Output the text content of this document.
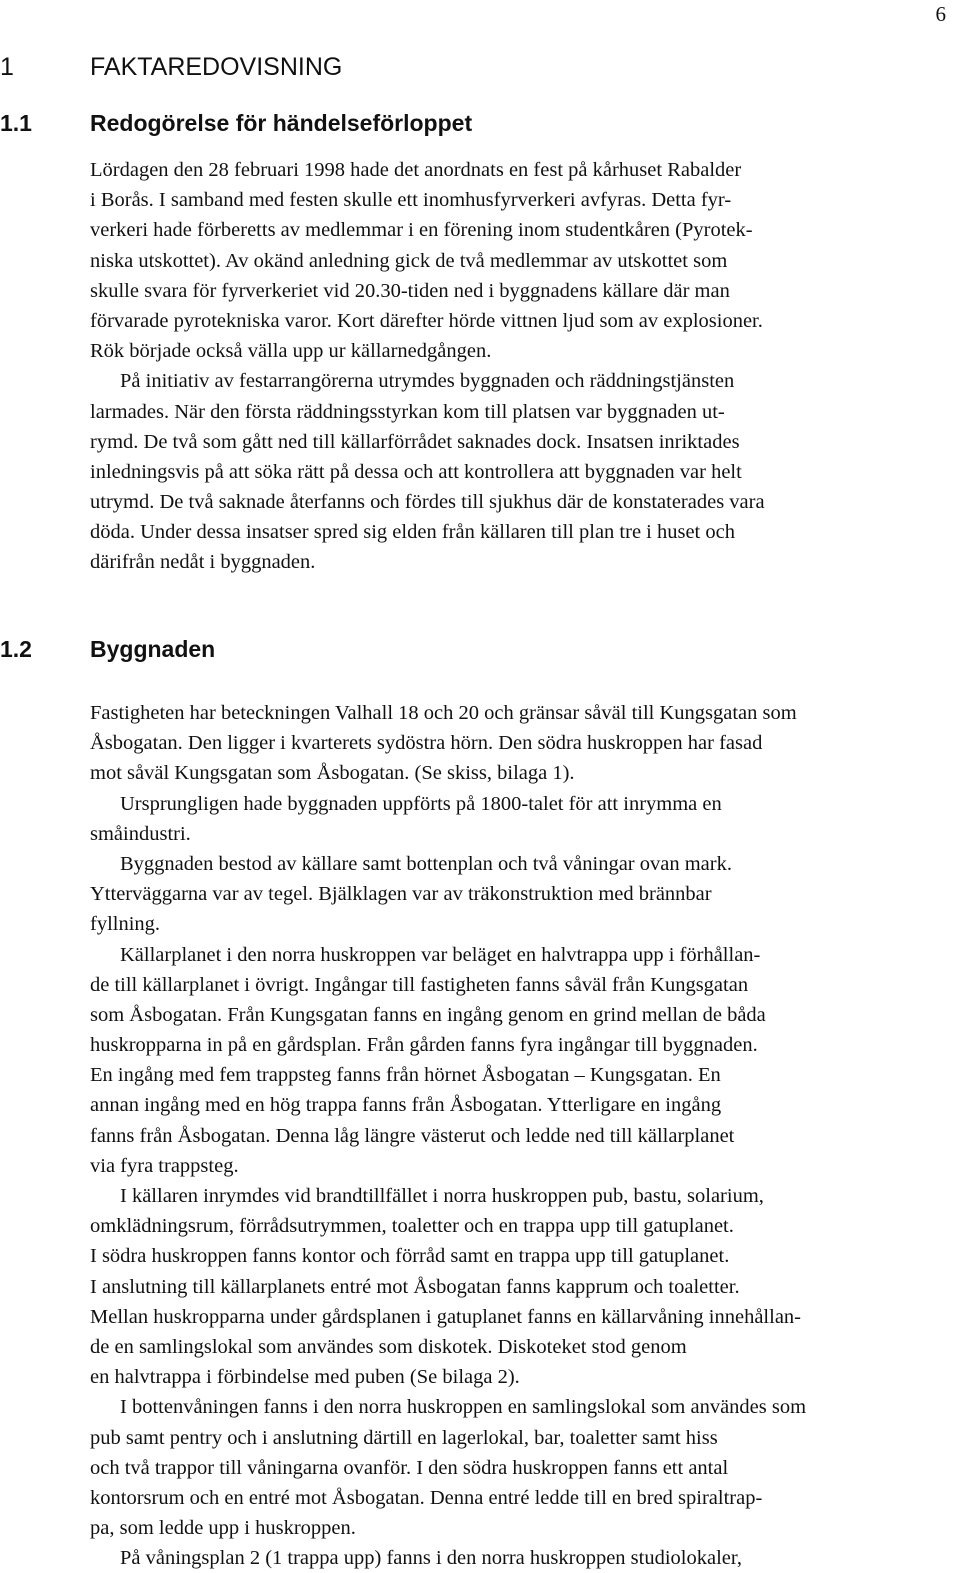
6
1	FAKTAREDOVISNING
1.1	Redogörelse för händelseförloppet
Lördagen den 28 februari 1998 hade det anordnats en fest på kårhuset Rabalder
i Borås. I samband med festen skulle ett inomhusfyrverkeri avfyras. Detta fyr-
verkeri hade förberetts av medlemmar i en förening inom studentkåren (Pyrotek-
niska utskottet). Av okänd anledning gick de två medlemmar av utskottet som
skulle svara för fyrverkeriet vid 20.30-tiden ned i byggnadens källare där man
förvarade pyrotekniska varor. Kort därefter hörde vittnen ljud som av explosioner.
Rök började också välla upp ur källarnedgången.
På initiativ av festarrangörerna utrymdes byggnaden och räddningstjänsten
larmades. När den första räddningsstyrkan kom till platsen var byggnaden ut-
rymd. De två som gått ned till källarförrådet saknades dock. Insatsen inriktades
inledningsvis på att söka rätt på dessa och att kontrollera att byggnaden var helt
utrymd. De två saknade återfanns och fördes till sjukhus där de konstaterades vara
döda. Under dessa insatser spred sig elden från källaren till plan tre i huset och
därifrån nedåt i byggnaden.
1.2	Byggnaden
Fastigheten har beteckningen Valhall 18 och 20 och gränsar såväl till Kungsgatan som
Åsbogatan. Den ligger i kvarterets sydöstra hörn. Den södra huskroppen har fasad
mot såväl Kungsgatan som Åsbogatan. (Se skiss, bilaga 1).
Ursprungligen hade byggnaden uppförts på 1800-talet för att inrymma en
småindustri.
Byggnaden bestod av källare samt bottenplan och två våningar ovan mark.
Ytterväggarna var av tegel. Bjälklagen var av träkonstruktion med brännbar
fyllning.
Källarplanet i den norra huskroppen var beläget en halvtrappa upp i förhållan-
de till källarplanet i övrigt. Ingångar till fastigheten fanns såväl från Kungsgatan
som Åsbogatan. Från Kungsgatan fanns en ingång genom en grind mellan de båda
huskropparna in på en gårdsplan. Från gården fanns fyra ingångar till byggnaden.
En ingång med fem trappsteg fanns från hörnet Åsbogatan – Kungsgatan. En
annan ingång med en hög trappa fanns från Åsbogatan. Ytterligare en ingång
fanns från Åsbogatan. Denna låg längre västerut och ledde ned till källarplanet
via fyra trappsteg.
I källaren inrymdes vid brandtillfället i norra huskroppen pub, bastu, solarium,
omklädningsrum, förrådsutrymmen, toaletter och en trappa upp till gatuplanet.
I södra huskroppen fanns kontor och förråd samt en trappa upp till gatuplanet.
I anslutning till källarplanets entré mot Åsbogatan fanns kapprum och toaletter.
Mellan huskropparna under gårdsplanen i gatuplanet fanns en källarvåning innehållan-
de en samlingslokal som användes som diskotek. Diskoteket stod genom
en halvtrappa i förbindelse med puben (Se bilaga 2).
I bottenvåningen fanns i den norra huskroppen en samlingslokal som användes som
pub samt pentry och i anslutning därtill en lagerlokal, bar, toaletter samt hiss
och två trappor till våningarna ovanför. I den södra huskroppen fanns ett antal
kontorsrum och en entré mot Åsbogatan. Denna entré ledde till en bred spiraltrap-
pa, som ledde upp i huskroppen.
På våningsplan 2 (1 trappa upp) fanns i den norra huskroppen studiolokaler,
